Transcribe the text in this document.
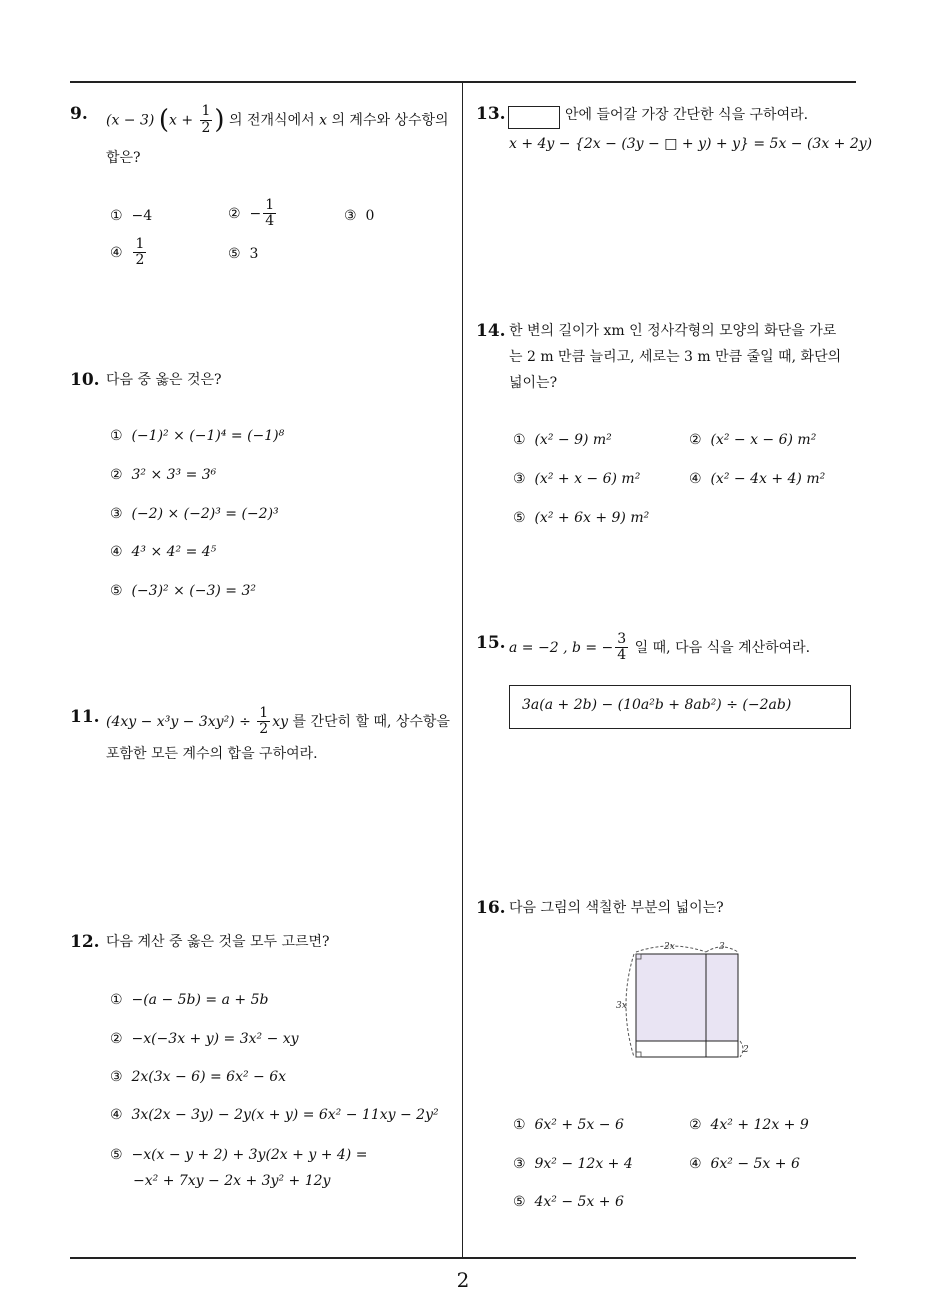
9. (x − 3) ($x + \frac{1}{2}$ ) 의 전개식에서 x 의 계수와 상수항의
합은?
① −4	② − $\frac{1}{4}$	③ 0
④ $\frac{1}{2}$	⑤ 3
10. 다음 중 옳은 것은?
① (−1)² × (−1)⁴ = (−1)⁸
② 3² × 3³ = 3⁶
③ (−2) × (−2)³ = (−2)³
④ 4³ × 4² = 4⁵
⑤ (−3)² × (−3) = 3²
11. $(4xy - x^3y - 3xy^2) \div \frac{1}{2}$ xy 를 간단히 할 때, 상수항을
포함한 모든 계수의 합을 구하여라.
12. 다음 계산 중 옳은 것을 모두 고르면?
① −(a − 5b) = a + 5b
② −x(−3x + y) = 3x² − xy
③ 2x(3x − 6) = 6x² − 6x
④ 3x(2x − 3y) − 2y(x + y) = 6x² − 11xy − 2y²
⑤ −x(x − y + 2) + 3y(2x + y + 4) =
−x² + 7xy − 2x + 3y² + 12y
13.	안에 들어갈 가장 간단한 식을 구하여라.
x + 4y − {2x − (3y − □ + y) + y} = 5x − (3x + 2y)
14. 한 변의 길이가 xm 인 정사각형의 모양의 화단을 가로
는 2 m 만큼 늘리고, 세로는 3 m 만큼 줄일 때, 화단의
넓이는?
① (x² − 9) m²	② (x² − x − 6) m²
③ (x² + x − 6) m²	④ (x² − 4x + 4) m²
⑤ (x² + 6x + 9) m²
15. a = −2 , b = − $\frac{3}{4}$ 일 때, 다음 식을 계산하여라.
3a(a + 2b) − (10a²b + 8ab²) ÷ (−2ab)
16. 다음 그림의 색칠한 부분의 넓이는?
2x	3
3x
2
① 6x² + 5x − 6	② 4x² + 12x + 9
③ 9x² − 12x + 4	④ 6x² − 5x + 6
⑤ 4x² − 5x + 6
2
